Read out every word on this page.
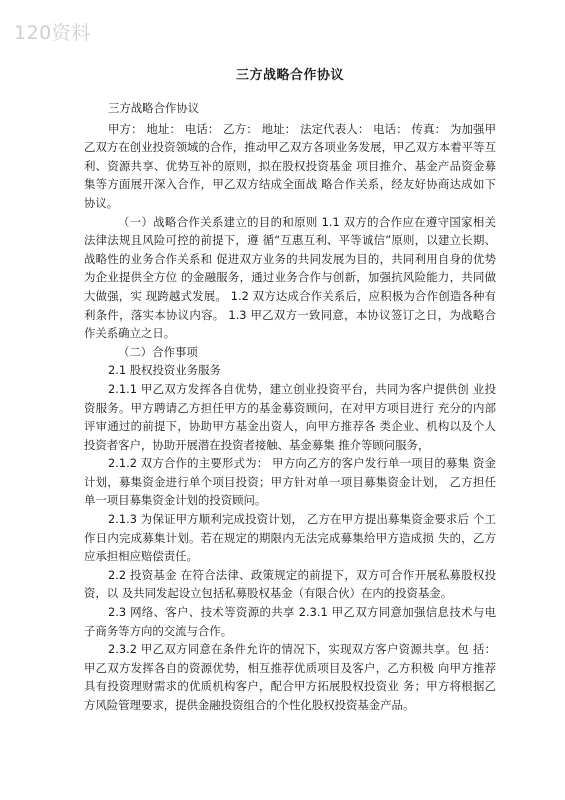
120资料
三方战略合作协议

三方战略合作协议

甲方： 地址： 电话： 乙方： 地址： 法定代表人： 电话： 传真： 为加强甲乙双方在创业投资领域的合作，推动甲乙双方各项业务发展，甲乙双方本着平等互利、资源共享、优势互补的原则，拟在股权投资基金 项目推介、基金产品资金募集等方面展开深入合作，甲乙双方结成全面战 略合作关系，经友好协商达成如下协议。

（一）战略合作关系建立的目的和原则 1.1 双方的合作应在遵守国家相关法律法规且风险可控的前提下，遵 循“互惠互利、平等诚信”原则，以建立长期、战略性的业务合作关系和 促进双方业务的共同发展为目的，共同利用自身的优势为企业提供全方位 的金融服务，通过业务合作与创新，加强抗风险能力，共同做大做强，实 现跨越式发展。 1.2 双方达成合作关系后，应积极为合作创造各种有利条件，落实本协议内容。 1.3 甲乙双方一致同意，本协议签订之日，为战略合作关系确立之日。

（二）合作事项

2.1 股权投资业务服务

2.1.1 甲乙双方发挥各自优势，建立创业投资平台，共同为客户提供创 业投资服务。甲方聘请乙方担任甲方的基金募资顾问，在对甲方项目进行 充分的内部评审通过的前提下，协助甲方基金出资人，向甲方推荐各 类企业、机构以及个人投资者客户，协助开展潜在投资者接触、基金募集 推介等顾问服务，

2.1.2 双方合作的主要形式为： 甲方向乙方的客户发行单一项目的募集 资金计划，募集资金进行单个项目投资；甲方针对单一项目募集资金计划， 乙方担任单一项目募集资金计划的投资顾问。

2.1.3 为保证甲方顺利完成投资计划， 乙方在甲方提出募集资金要求后 个工作日内完成募集计划。若在规定的期限内无法完成募集给甲方造成损 失的，乙方应承担相应赔偿责任。

2.2 投资基金 在符合法律、政策规定的前提下，双方可合作开展私募股权投资，以 及共同发起设立包括私募股权基金（有限合伙）在内的投资基金。

2.3 网络、客户、技术等资源的共享 2.3.1 甲乙双方同意加强信息技术与电子商务等方向的交流与合作。

2.3.2 甲乙双方同意在条件允许的情况下，实现双方客户资源共享。包 括：甲乙双方发挥各自的资源优势，相互推荐优质项目及客户，乙方积极 向甲方推荐具有投资理财需求的优质机构客户，配合甲方拓展股权投资业 务；甲方将根据乙方风险管理要求，提供金融投资组合的个性化股权投资基金产品。
